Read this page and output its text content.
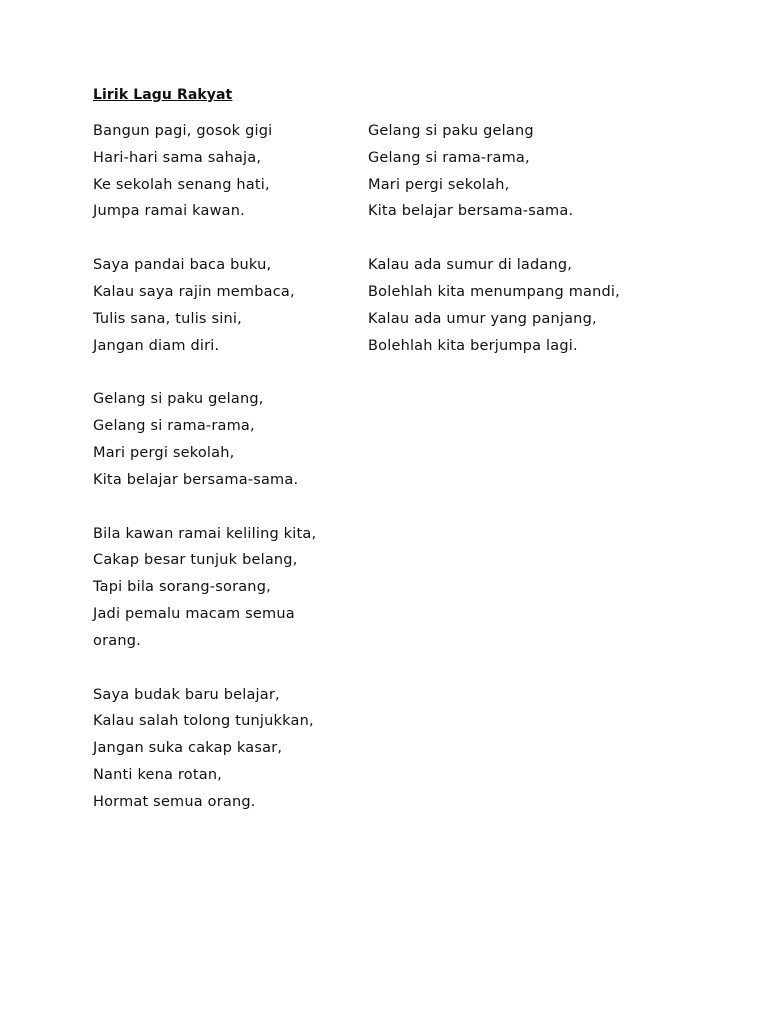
Lirik Lagu Rakyat
Bangun pagi, gosok gigi
Hari-hari sama sahaja,
Ke sekolah senang hati,
Jumpa ramai kawan.
Saya pandai baca buku,
Kalau saya rajin membaca,
Tulis sana, tulis sini,
Jangan diam diri.
Gelang si paku gelang,
Gelang si rama-rama,
Mari pergi sekolah,
Kita belajar bersama-sama.
Bila kawan ramai keliling kita,
Cakap besar tunjuk belang,
Tapi bila sorang-sorang,
Jadi pemalu macam semua
orang.
Saya budak baru belajar,
Kalau salah tolong tunjukkan,
Jangan suka cakap kasar,
Nanti kena rotan,
Hormat semua orang.
Gelang si paku gelang
Gelang si rama-rama,
Mari pergi sekolah,
Kita belajar bersama-sama.
Kalau ada sumur di ladang,
Bolehlah kita menumpang mandi,
Kalau ada umur yang panjang,
Bolehlah kita berjumpa lagi.
